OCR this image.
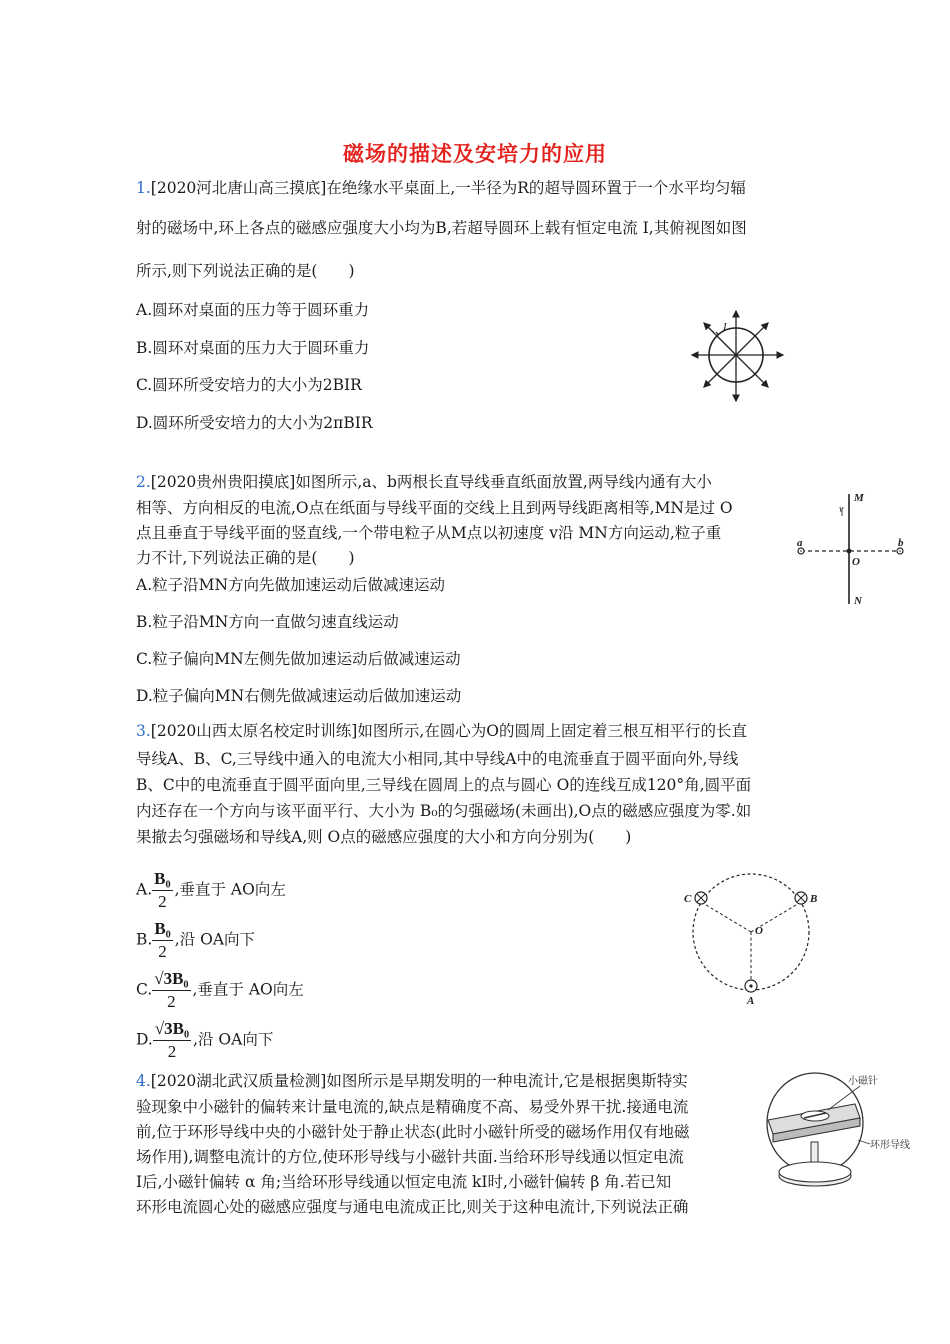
磁场的描述及安培力的应用
1.[2020河北唐山高三摸底]在绝缘水平桌面上,一半径为R的超导圆环置于一个水平均匀辐
射的磁场中,环上各点的磁感应强度大小均为B,若超导圆环上载有恒定电流 I,其俯视图如图
所示,则下列说法正确的是(　　)
A.圆环对桌面的压力等于圆环重力
B.圆环对桌面的压力大于圆环重力
C.圆环所受安培力的大小为2BIR
D.圆环所受安培力的大小为2πBIR
I
2.[2020贵州贵阳摸底]如图所示,a、b两根长直导线垂直纸面放置,两导线内通有大小
相等、方向相反的电流,O点在纸面与导线平面的交线上且到两导线距离相等,MN是过 O
点且垂直于导线平面的竖直线,一个带电粒子从M点以初速度 v沿 MN方向运动,粒子重
力不计,下列说法正确的是(　　)
A.粒子沿MN方向先做加速运动后做减速运动
B.粒子沿MN方向一直做匀速直线运动
C.粒子偏向MN左侧先做加速运动后做减速运动
D.粒子偏向MN右侧先做减速运动后做加速运动
M
N
O
a	b
v
3.[2020山西太原名校定时训练]如图所示,在圆心为O的圆周上固定着三根互相平行的长直
导线A、B、C,三导线中通入的电流大小相同,其中导线A中的电流垂直于圆平面向外,导线
B、C中的电流垂直于圆平面向里,三导线在圆周上的点与圆心 O的连线互成120°角,圆平面
内还存在一个方向与该平面平行、大小为 B₀的匀强磁场(未画出),O点的磁感应强度为零.如
果撤去匀强磁场和导线A,则 O点的磁感应强度的大小和方向分别为(　　)
A. $\frac{\text{B₀}}{2}$ ,垂直于 AO向左
B. $\frac{\text{B₀}}{2}$ ,沿 OA向下
C. $\frac{\text{√3B₀}}{2}$ ,垂直于 AO向左
D. $\frac{\text{√3B₀}}{2}$ ,沿 OA向下
C	B
A
O
4.[2020湖北武汉质量检测]如图所示是早期发明的一种电流计,它是根据奥斯特实
验现象中小磁针的偏转来计量电流的,缺点是精确度不高、易受外界干扰.接通电流
前,位于环形导线中央的小磁针处于静止状态(此时小磁针所受的磁场作用仅有地磁
场作用),调整电流计的方位,使环形导线与小磁针共面.当给环形导线通以恒定电流
I后,小磁针偏转 α 角;当给环形导线通以恒定电流 kI时,小磁针偏转 β 角.若已知
环形电流圆心处的磁感应强度与通电电流成正比,则关于这种电流计,下列说法正确
小磁针
环形导线
